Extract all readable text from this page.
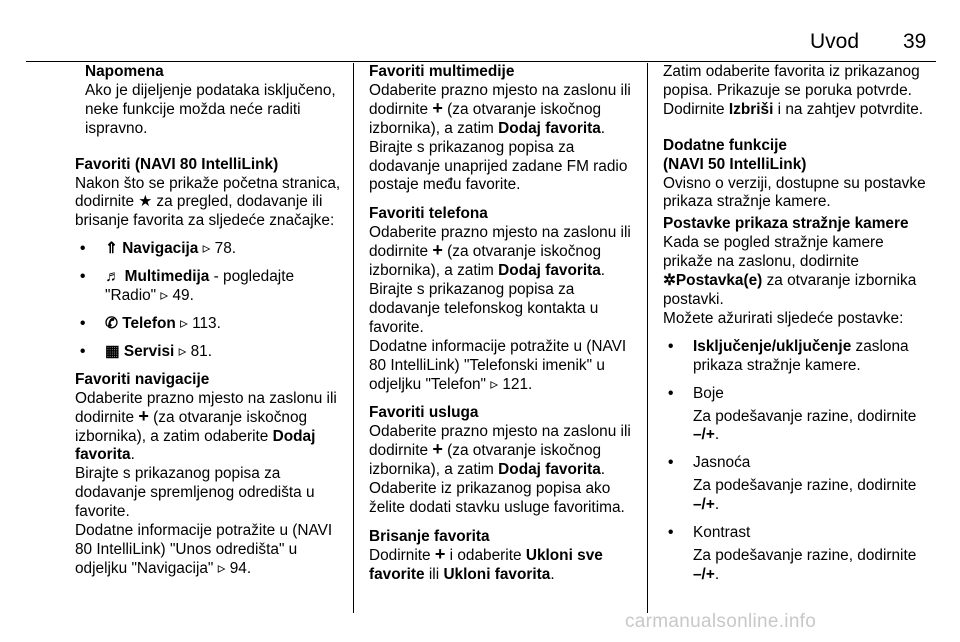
Uvod 39
Napomena
Ako je dijeljenje podataka isključeno, neke funkcije možda neće raditi ispravno.
Favoriti (NAVI 80 IntelliLink)
Nakon što se prikaže početna stranica, dodirnite ★ za pregled, dodavanje ili brisanje favorita za sljedeće značajke:
• ⇑ Navigacija ▹ 78.
• ♬ Multimedija - pogledajte "Radio" ▹ 49.
• ✆ Telefon ▹ 113.
• ▦ Servisi ▹ 81.
Favoriti navigacije
Odaberite prazno mjesto na zaslonu ili dodirnite + (za otvaranje iskočnog izbornika), a zatim odaberite Dodaj favorita.

Birajte s prikazanog popisa za dodavanje spremljenog odredišta u favorite.

Dodatne informacije potražite u (NAVI 80 IntelliLink) "Unos odredišta" u odjeljku "Navigacija" ▹ 94.

Favoriti multimedije
Odaberite prazno mjesto na zaslonu ili dodirnite + (za otvaranje iskočnog izbornika), a zatim Dodaj favorita.

Birajte s prikazanog popisa za dodavanje unaprijed zadane FM radio postaje među favorite.

Favoriti telefona
Odaberite prazno mjesto na zaslonu ili dodirnite + (za otvaranje iskočnog izbornika), a zatim Dodaj favorita.

Birajte s prikazanog popisa za dodavanje telefonskog kontakta u favorite.

Dodatne informacije potražite u (NAVI 80 IntelliLink) "Telefonski imenik" u odjeljku "Telefon" ▹ 121.

Favoriti usluga
Odaberite prazno mjesto na zaslonu ili dodirnite + (za otvaranje iskočnog izbornika), a zatim Dodaj favorita.

Odaberite iz prikazanog popisa ako želite dodati stavku usluge favoritima.

Brisanje favorita
Dodirnite + i odaberite Ukloni sve favorite ili Ukloni favorita.
Zatim odaberite favorita iz prikazanog popisa. Prikazuje se poruka potvrde. Dodirnite Izbriši i na zahtjev potvrdite.
Dodatne funkcije
(NAVI 50 IntelliLink)
Ovisno o verziji, dostupne su postavke prikaza stražnje kamere.
Postavke prikaza stražnje kamere
Kada se pogled stražnje kamere prikaže na zaslonu, dodirnite ✲Postavka(e) za otvaranje izbornika postavki.

Možete ažurirati sljedeće postavke:

• Isključenje/uključenje zaslona prikaza stražnje kamere.
• Boje
Za podešavanje razine, dodirnite –/+.
• Jasnoća
Za podešavanje razine, dodirnite –/+.
• Kontrast
Za podešavanje razine, dodirnite –/+.
carmanualsonline.info
